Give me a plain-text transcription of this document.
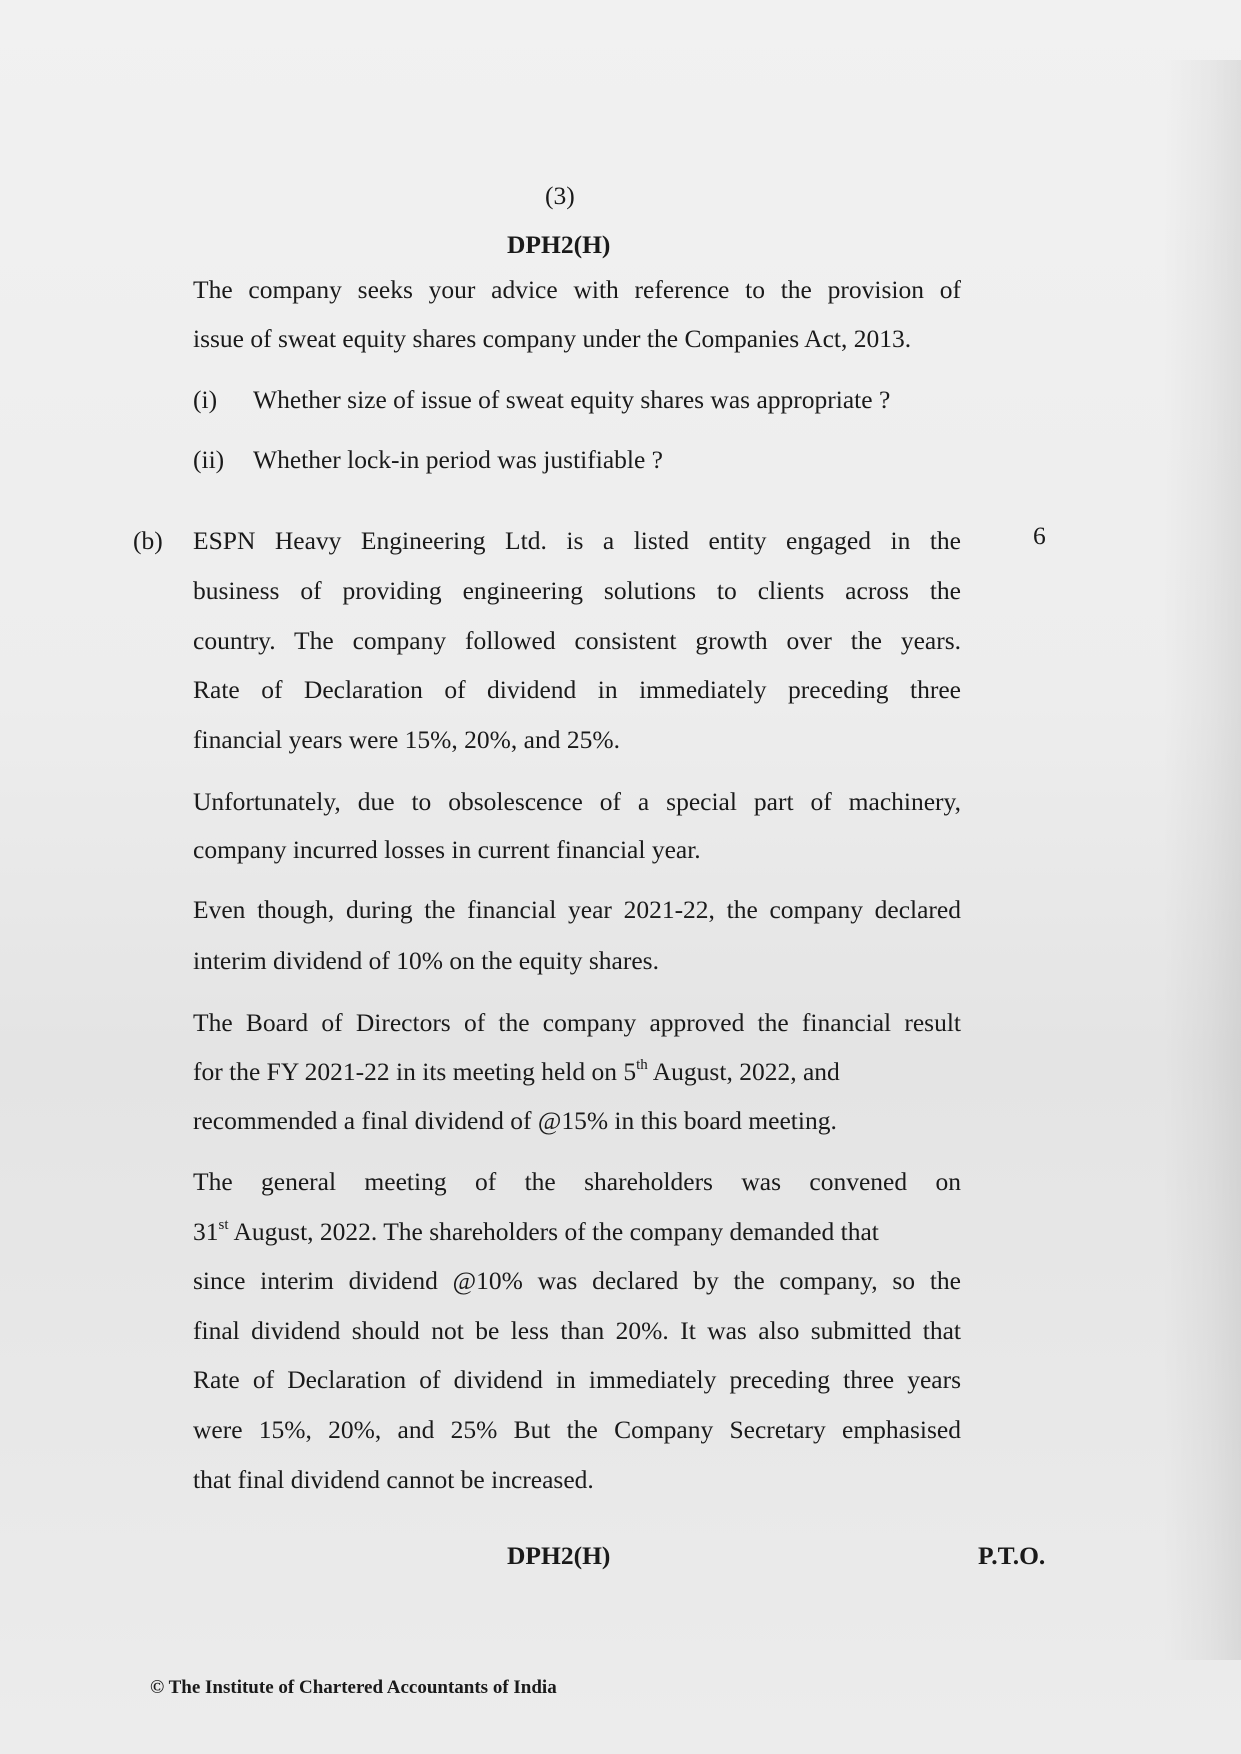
(3)
DPH2(H)
The company seeks your advice with reference to the provision of
issue of sweat equity shares company under the Companies Act, 2013.
(i) Whether size of issue of sweat equity shares was appropriate ?
(ii) Whether lock-in period was justifiable ?
(b)	6
ESPN Heavy Engineering Ltd. is a listed entity engaged in the
business of providing engineering solutions to clients across the
country. The company followed consistent growth over the years.
Rate of Declaration of dividend in immediately preceding three
financial years were 15%, 20%, and 25%.
Unfortunately, due to obsolescence of a special part of machinery,
company incurred losses in current financial year.
Even though, during the financial year 2021-22, the company declared
interim dividend of 10% on the equity shares.
The Board of Directors of the company approved the financial result
for the FY 2021-22 in its meeting held on 5th August, 2022, and
recommended a final dividend of @15% in this board meeting.
The general meeting of the shareholders was convened on
31st August, 2022. The shareholders of the company demanded that
since interim dividend @10% was declared by the company, so the
final dividend should not be less than 20%. It was also submitted that
Rate of Declaration of dividend in immediately preceding three years
were 15%, 20%, and 25% But the Company Secretary emphasised
that final dividend cannot be increased.
DPH2(H)	P.T.O.
© The Institute of Chartered Accountants of India
